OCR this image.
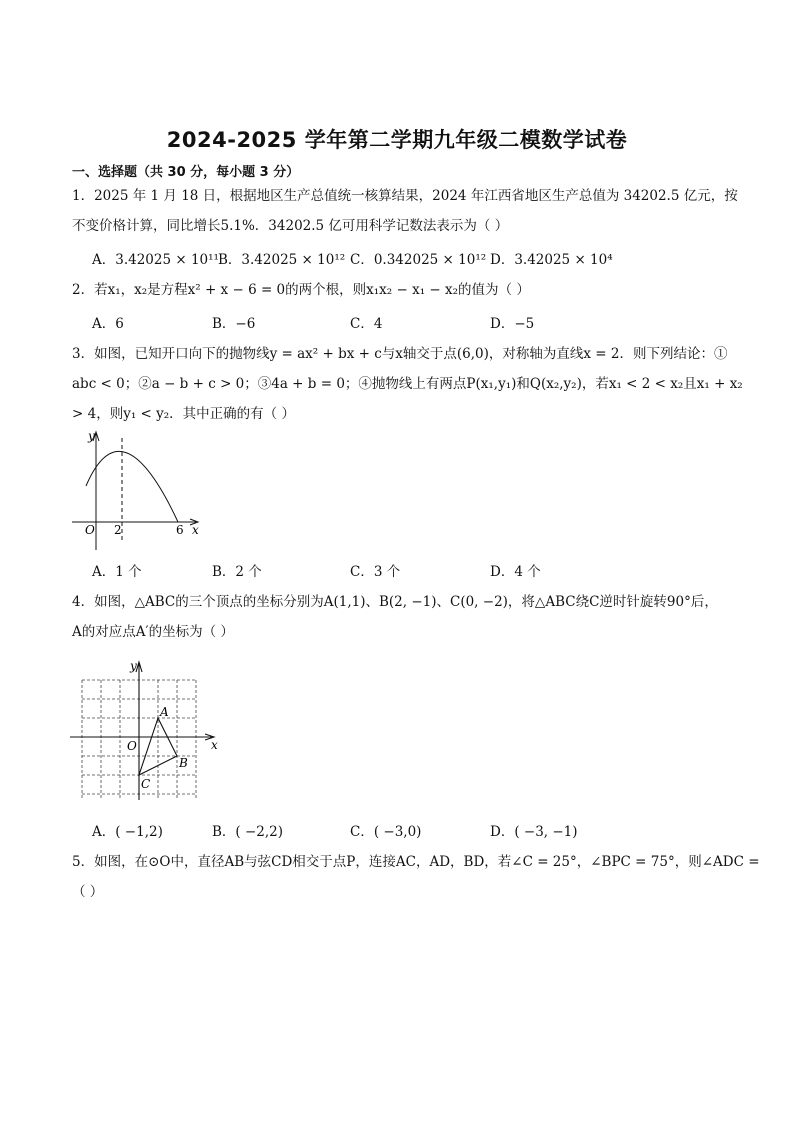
2024-2025 学年第二学期九年级二模数学试卷
一、选择题（共 30 分，每小题 3 分）
1．2025 年 1 月 18 日，根据地区生产总值统一核算结果，2024 年江西省地区生产总值为 34202.5 亿元，按
不变价格计算，同比增长5.1%．34202.5 亿可用科学记数法表示为（ ）
A．3.42025 × 10¹¹ B．3.42025 × 10¹² C．0.342025 × 10¹² D．3.42025 × 10⁴
2．若x₁，x₂是方程x² + x − 6 = 0的两个根，则x₁x₂ − x₁ − x₂的值为（ ）
A．6	B．−6	C．4	D．−5
3．如图，已知开口向下的抛物线y = ax² + bx + c与x轴交于点(6,0)，对称轴为直线x = 2．则下列结论：①
abc < 0；②a − b + c > 0；③4a + b = 0；④抛物线上有两点P(x₁,y₁)和Q(x₂,y₂)，若x₁ < 2 < x₂且x₁ + x₂
> 4，则y₁ < y₂．其中正确的有（ ）
y
x
O 2	6
A．1 个	B．2 个	C．3 个	D．4 个
4．如图，△ABC的三个顶点的坐标分别为A(1,1)、B(2, −1)、C(0, −2)，将△ABC绕C逆时针旋转90°后，
A的对应点A′的坐标为（ ）
y
x
O
A
B
C
A．( −1,2)	B．( −2,2)	C．( −3,0)	D．( −3, −1)
5．如图，在⊙O中，直径AB与弦CD相交于点P，连接AC，AD，BD，若∠C = 25°，∠BPC = 75°，则∠ADC =
（ ）
